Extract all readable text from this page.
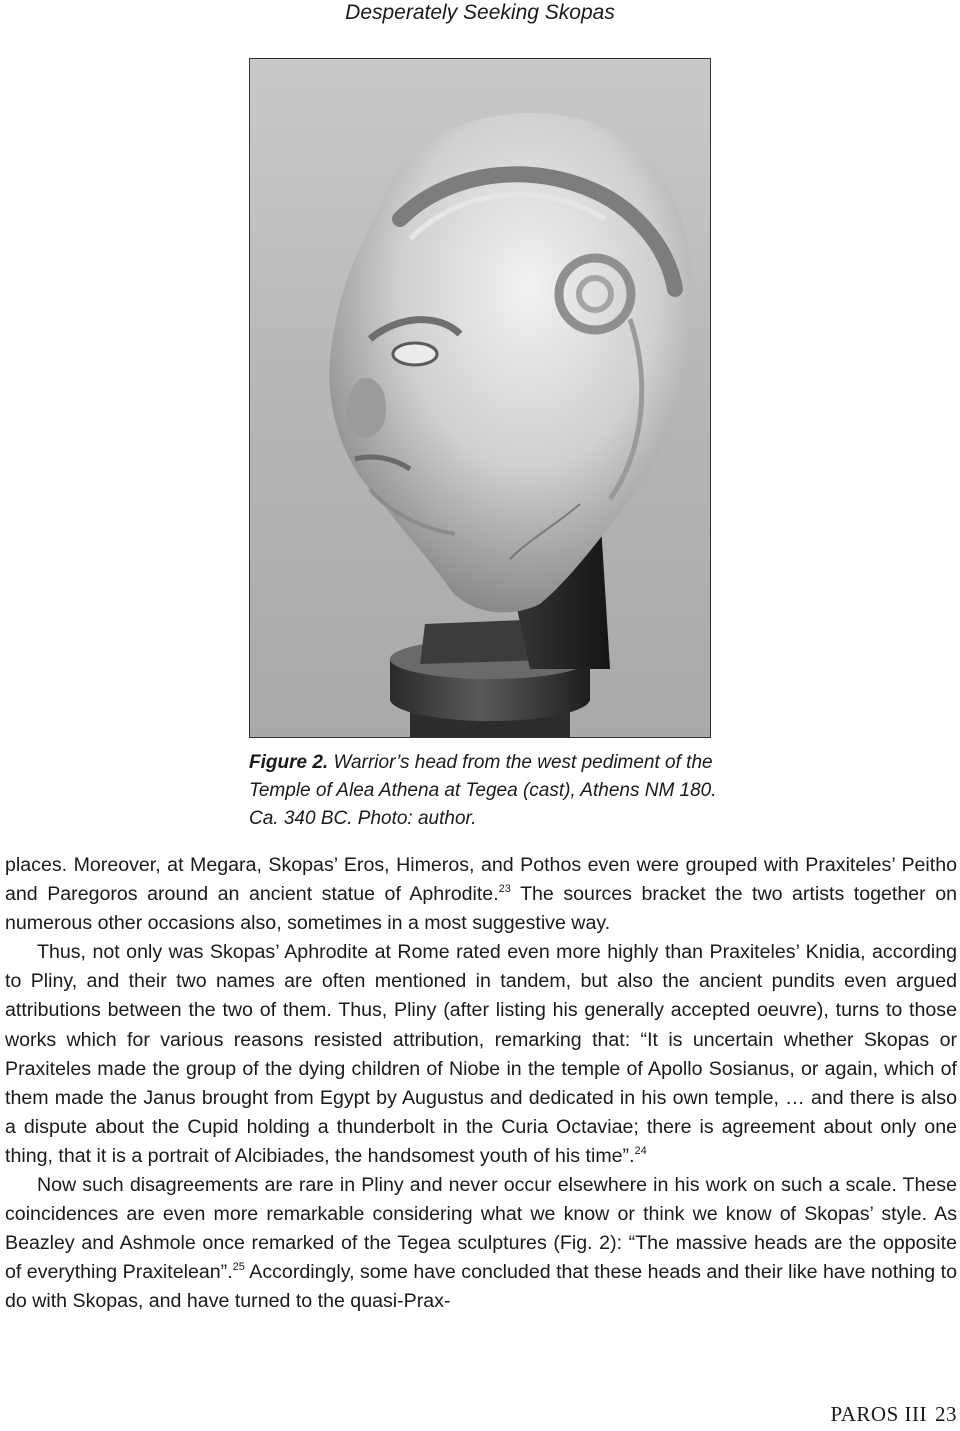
Desperately Seeking Skopas
Figure 2. Warrior’s head from the west pediment of the Temple of Alea Athena at Tegea (cast), Athens NM 180. Ca. 340 BC. Photo: author.

places. Moreover, at Megara, Skopas’ Eros, Himeros, and Pothos even were grouped with Praxiteles’ Peitho and Paregoros around an ancient statue of Aphrodite.$^{23}$ The sources bracket the two artists together on numerous other occasions also, sometimes in a most suggestive way.

Thus, not only was Skopas’ Aphrodite at Rome rated even more highly than Praxiteles’ Knidia, according to Pliny, and their two names are often mentioned in tandem, but also the ancient pundits even argued attributions between the two of them. Thus, Pliny (after listing his generally accepted oeuvre), turns to those works which for various reasons resisted attribution, remarking that: “It is uncertain whether Skopas or Praxiteles made the group of the dying children of Niobe in the temple of Apollo Sosianus, or again, which of them made the Janus brought from Egypt by Augustus and dedicated in his own temple, … and there is also a dispute about the Cupid holding a thunderbolt in the Curia Octaviae; there is agreement about only one thing, that it is a portrait of Alcibiades, the handsomest youth of his time”.$^{24}$

Now such disagreements are rare in Pliny and never occur elsewhere in his work on such a scale. These coincidences are even more remarkable considering what we know or think we know of Skopas’ style. As Beazley and Ashmole once remarked of the Tegea sculptures (Fig. 2): “The massive heads are the opposite of everything Praxitelean”.$^{25}$ Accordingly, some have concluded that these heads and their like have nothing to do with Skopas, and have turned to the quasi-Prax-

PAROS III 23
